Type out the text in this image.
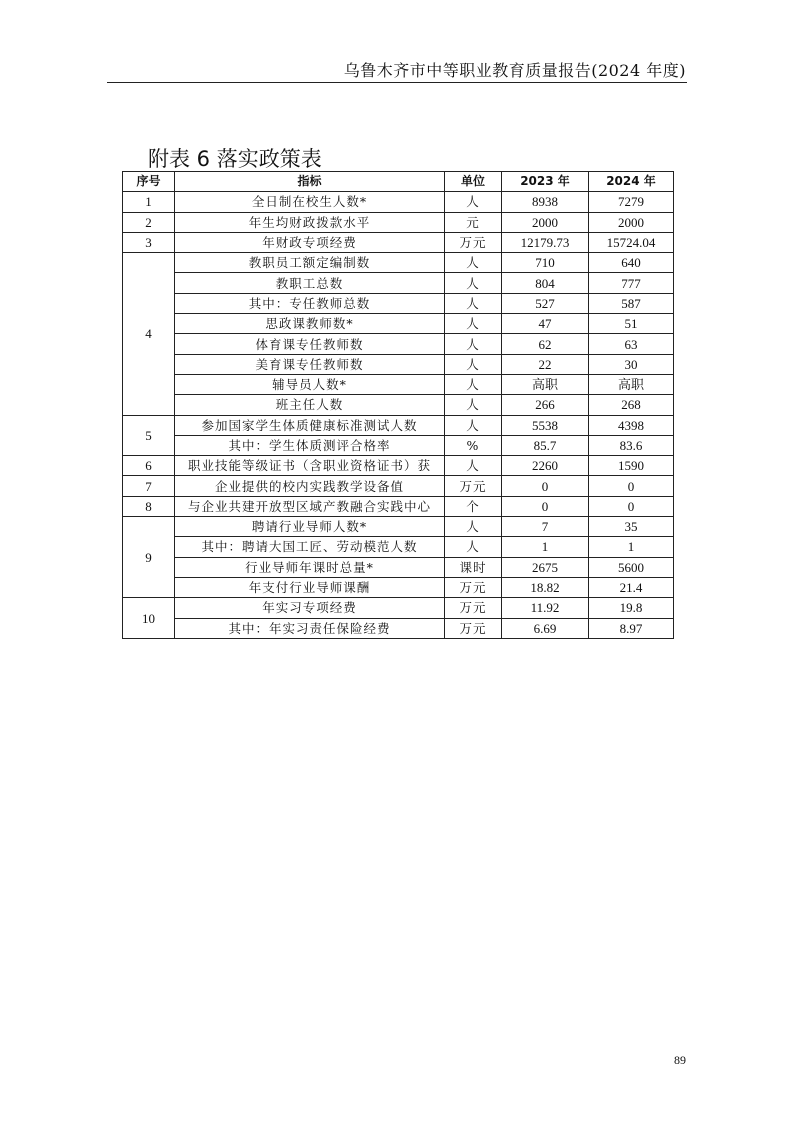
乌鲁木齐市中等职业教育质量报告(2024 年度)
附表 6 落实政策表
序号	指标	单位	2023 年	2024 年
1	全日制在校生人数*	人	8938	7279
2	年生均财政拨款水平	元	2000	2000
3	年财政专项经费	万元	12179.73	15724.04
4	教职员工额定编制数	人	710	640
	教职工总数	人	804	777
	其中：专任教师总数	人	527	587
	思政课教师数*	人	47	51
	体育课专任教师数	人	62	63
	美育课专任教师数	人	22	30
	辅导员人数*	人	高职	高职
	班主任人数	人	266	268
5	参加国家学生体质健康标准测试人数	人	5538	4398
	其中：学生体质测评合格率	%	85.7	83.6
6	职业技能等级证书（含职业资格证书）获	人	2260	1590
7	企业提供的校内实践教学设备值	万元	0	0
8	与企业共建开放型区域产教融合实践中心	个	0	0
9	聘请行业导师人数*	人	7	35
	其中：聘请大国工匠、劳动模范人数	人	1	1
	行业导师年课时总量*	课时	2675	5600
	年支付行业导师课酬	万元	18.82	21.4
10	年实习专项经费	万元	11.92	19.8
	其中：年实习责任保险经费	万元	6.69	8.97
89
